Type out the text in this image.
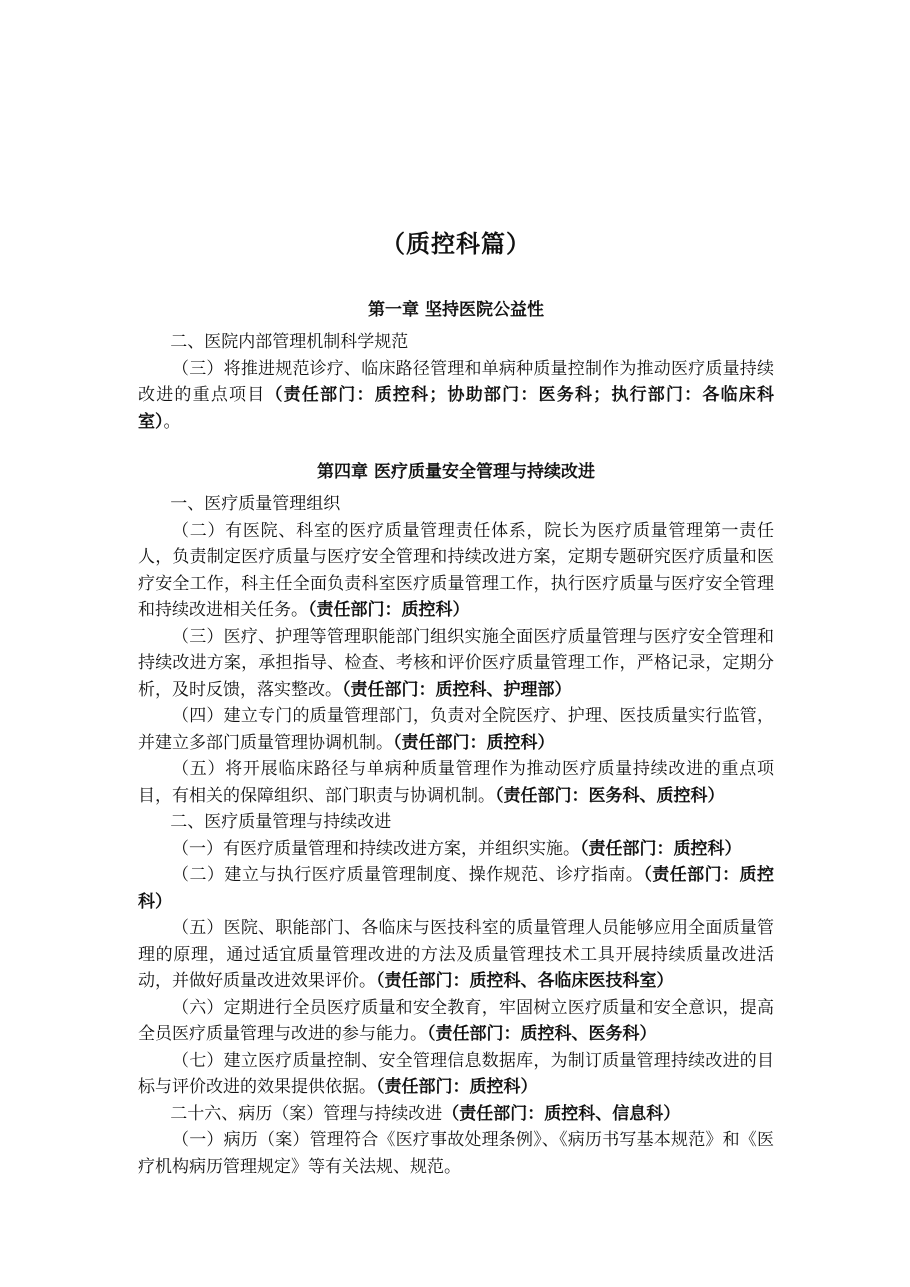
（质控科篇）
第一章 坚持医院公益性

二、医院内部管理机制科学规范

（三）将推进规范诊疗、临床路径管理和单病种质量控制作为推动医疗质量持续改进的重点项目（责任部门：质控科；协助部门：医务科；执行部门：各临床科室）。

第四章 医疗质量安全管理与持续改进

一、医疗质量管理组织

（二）有医院、科室的医疗质量管理责任体系，院长为医疗质量管理第一责任人，负责制定医疗质量与医疗安全管理和持续改进方案，定期专题研究医疗质量和医疗安全工作，科主任全面负责科室医疗质量管理工作，执行医疗质量与医疗安全管理和持续改进相关任务。（责任部门：质控科）

（三）医疗、护理等管理职能部门组织实施全面医疗质量管理与医疗安全管理和持续改进方案，承担指导、检查、考核和评价医疗质量管理工作，严格记录，定期分析，及时反馈，落实整改。（责任部门：质控科、护理部）

（四）建立专门的质量管理部门，负责对全院医疗、护理、医技质量实行监管，并建立多部门质量管理协调机制。（责任部门：质控科）

（五）将开展临床路径与单病种质量管理作为推动医疗质量持续改进的重点项目，有相关的保障组织、部门职责与协调机制。（责任部门：医务科、质控科）

二、医疗质量管理与持续改进

（一）有医疗质量管理和持续改进方案，并组织实施。（责任部门：质控科）

（二）建立与执行医疗质量管理制度、操作规范、诊疗指南。（责任部门：质控科）

（五）医院、职能部门、各临床与医技科室的质量管理人员能够应用全面质量管理的原理，通过适宜质量管理改进的方法及质量管理技术工具开展持续质量改进活动，并做好质量改进效果评价。（责任部门：质控科、各临床医技科室）

（六）定期进行全员医疗质量和安全教育，牢固树立医疗质量和安全意识，提高全员医疗质量管理与改进的参与能力。（责任部门：质控科、医务科）

（七）建立医疗质量控制、安全管理信息数据库，为制订质量管理持续改进的目标与评价改进的效果提供依据。（责任部门：质控科）

二十六、病历（案）管理与持续改进（责任部门：质控科、信息科）

（一）病历（案）管理符合《医疗事故处理条例》、《病历书写基本规范》和《医疗机构病历管理规定》等有关法规、规范。
